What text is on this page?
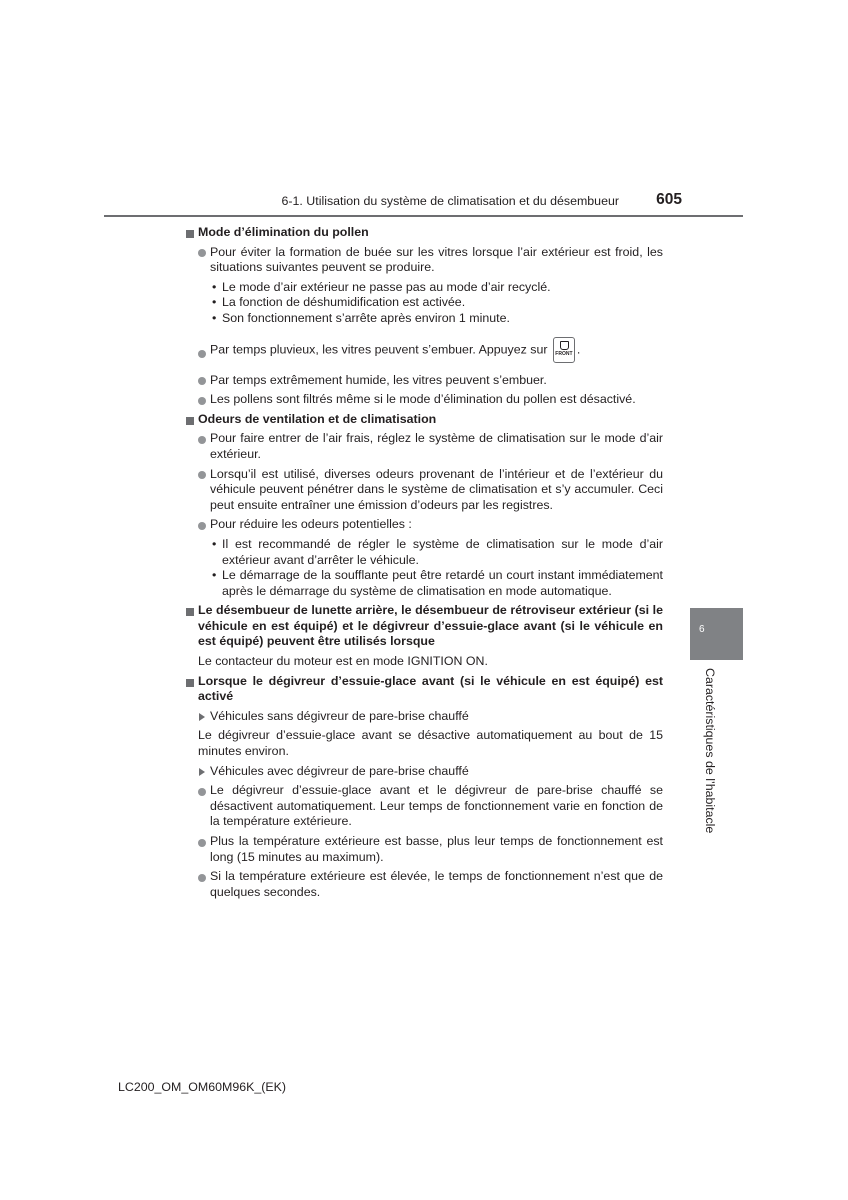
6-1. Utilisation du système de climatisation et du désembueur 605
Mode d’élimination du pollen
Pour éviter la formation de buée sur les vitres lorsque l’air extérieur est froid, les situations suivantes peuvent se produire.
• Le mode d’air extérieur ne passe pas au mode d’air recyclé.
• La fonction de déshumidification est activée.
• Son fonctionnement s’arrête après environ 1 minute.
Par temps pluvieux, les vitres peuvent s’embuer. Appuyez sur FRONT .
Par temps extrêmement humide, les vitres peuvent s’embuer.
Les pollens sont filtrés même si le mode d’élimination du pollen est désactivé.
Odeurs de ventilation et de climatisation
Pour faire entrer de l’air frais, réglez le système de climatisation sur le mode d’air extérieur.
Lorsqu’il est utilisé, diverses odeurs provenant de l’intérieur et de l’extérieur du véhicule peuvent pénétrer dans le système de climatisation et s’y accumuler. Ceci peut ensuite entraîner une émission d’odeurs par les registres.
Pour réduire les odeurs potentielles :
• Il est recommandé de régler le système de climatisation sur le mode d’air extérieur avant d’arrêter le véhicule.
• Le démarrage de la soufflante peut être retardé un court instant immédiatement après le démarrage du système de climatisation en mode automatique.
Le désembueur de lunette arrière, le désembueur de rétroviseur extérieur (si le véhicule en est équipé) et le dégivreur d’essuie-glace avant (si le véhicule en est équipé) peuvent être utilisés lorsque
Le contacteur du moteur est en mode IGNITION ON.
Lorsque le dégivreur d’essuie-glace avant (si le véhicule en est équipé) est activé
Véhicules sans dégivreur de pare-brise chauffé
Le dégivreur d’essuie-glace avant se désactive automatiquement au bout de 15 minutes environ.
Véhicules avec dégivreur de pare-brise chauffé
Le dégivreur d’essuie-glace avant et le dégivreur de pare-brise chauffé se désactivent automatiquement. Leur temps de fonctionnement varie en fonction de la température extérieure.
Plus la température extérieure est basse, plus leur temps de fonctionnement est long (15 minutes au maximum).
Si la température extérieure est élevée, le temps de fonctionnement n’est que de quelques secondes.
6
Caractéristiques de l’habitacle
LC200_OM_OM60M96K_(EK)
